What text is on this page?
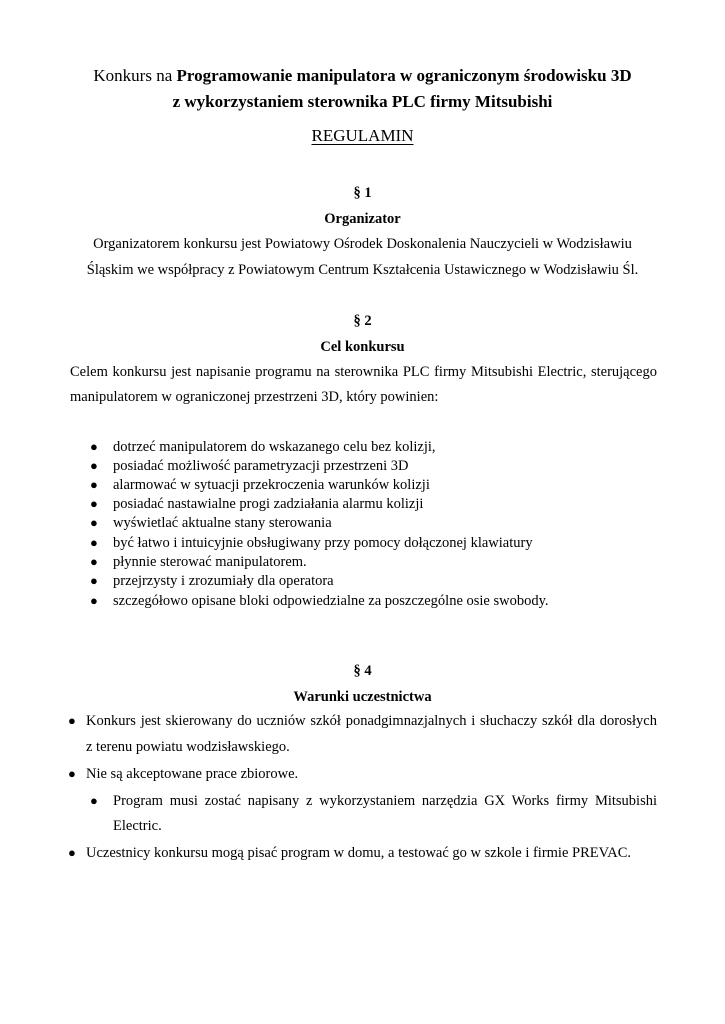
Konkurs na Programowanie manipulatora w ograniczonym środowisku 3D
z wykorzystaniem sterownika PLC firmy Mitsubishi
REGULAMIN
§ 1
Organizator
Organizatorem konkursu jest Powiatowy Ośrodek Doskonalenia Nauczycieli w Wodzisławiu
Śląskim we współpracy z Powiatowym Centrum Kształcenia Ustawicznego w Wodzisławiu Śl.
§ 2
Cel konkursu
Celem konkursu jest napisanie programu na sterownika PLC firmy Mitsubishi Electric, sterującego
manipulatorem w ograniczonej przestrzeni 3D, który powinien:
● dotrzeć manipulatorem do wskazanego celu bez kolizji,
● posiadać możliwość parametryzacji przestrzeni 3D
● alarmować w sytuacji przekroczenia warunków kolizji
● posiadać nastawialne progi zadziałania alarmu kolizji
● wyświetlać aktualne stany sterowania
● być łatwo i intuicyjnie obsługiwany przy pomocy dołączonej klawiatury
● płynnie sterować manipulatorem.
● przejrzysty i zrozumiały dla operatora
● szczegółowo opisane bloki odpowiedzialne za poszczególne osie swobody.
§ 4
Warunki uczestnictwa
● Konkurs jest skierowany do uczniów szkół ponadgimnazjalnych i słuchaczy szkół dla dorosłych
z terenu powiatu wodzisławskiego.
● Nie są akceptowane prace zbiorowe.
● Program musi zostać napisany z wykorzystaniem narzędzia GX Works firmy Mitsubishi
Electric.
● Uczestnicy konkursu mogą pisać program w domu, a testować go w szkole i firmie PREVAC.
